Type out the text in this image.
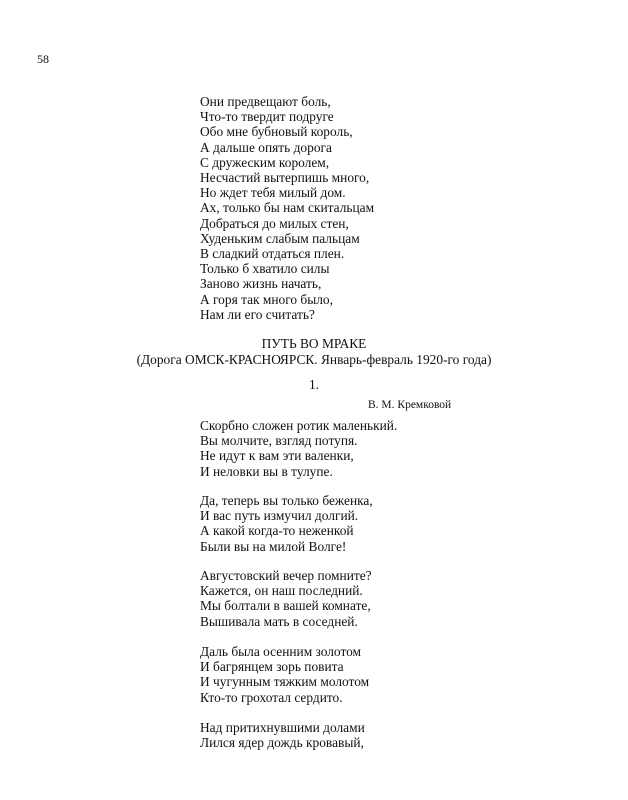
58
Они предвещают боль,
Что-то твердит подруге
Обо мне бубновый король,
А дальше опять дорога
С дружеским королем,
Несчастий вытерпишь много,
Но ждет тебя милый дом.
Ах, только бы нам скитальцам
Добраться до милых стен,
Худеньким слабым пальцам
В сладкий отдаться плен.
Только б хватило силы
Заново жизнь начать,
А горя так много было,
Нам ли его считать?
ПУТЬ ВО МРАКЕ
(Дорога ОМСК-КРАСНОЯРСК. Январь-февраль 1920-го года)
1.
В. М. Кремковой
Скорбно сложен ротик маленький.
Вы молчите, взгляд потупя.
Не идут к вам эти валенки,
И неловки вы в тулупе.
Да, теперь вы только беженка,
И вас путь измучил долгий.
А какой когда-то неженкой
Были вы на милой Волге!
Августовский вечер помните?
Кажется, он наш последний.
Мы болтали в вашей комнате,
Вышивала мать в соседней.
Даль была осенним золотом
И багрянцем зорь повита
И чугунным тяжким молотом
Кто-то грохотал сердито.
Над притихнувшими долами
Лился ядер дождь кровавый,
